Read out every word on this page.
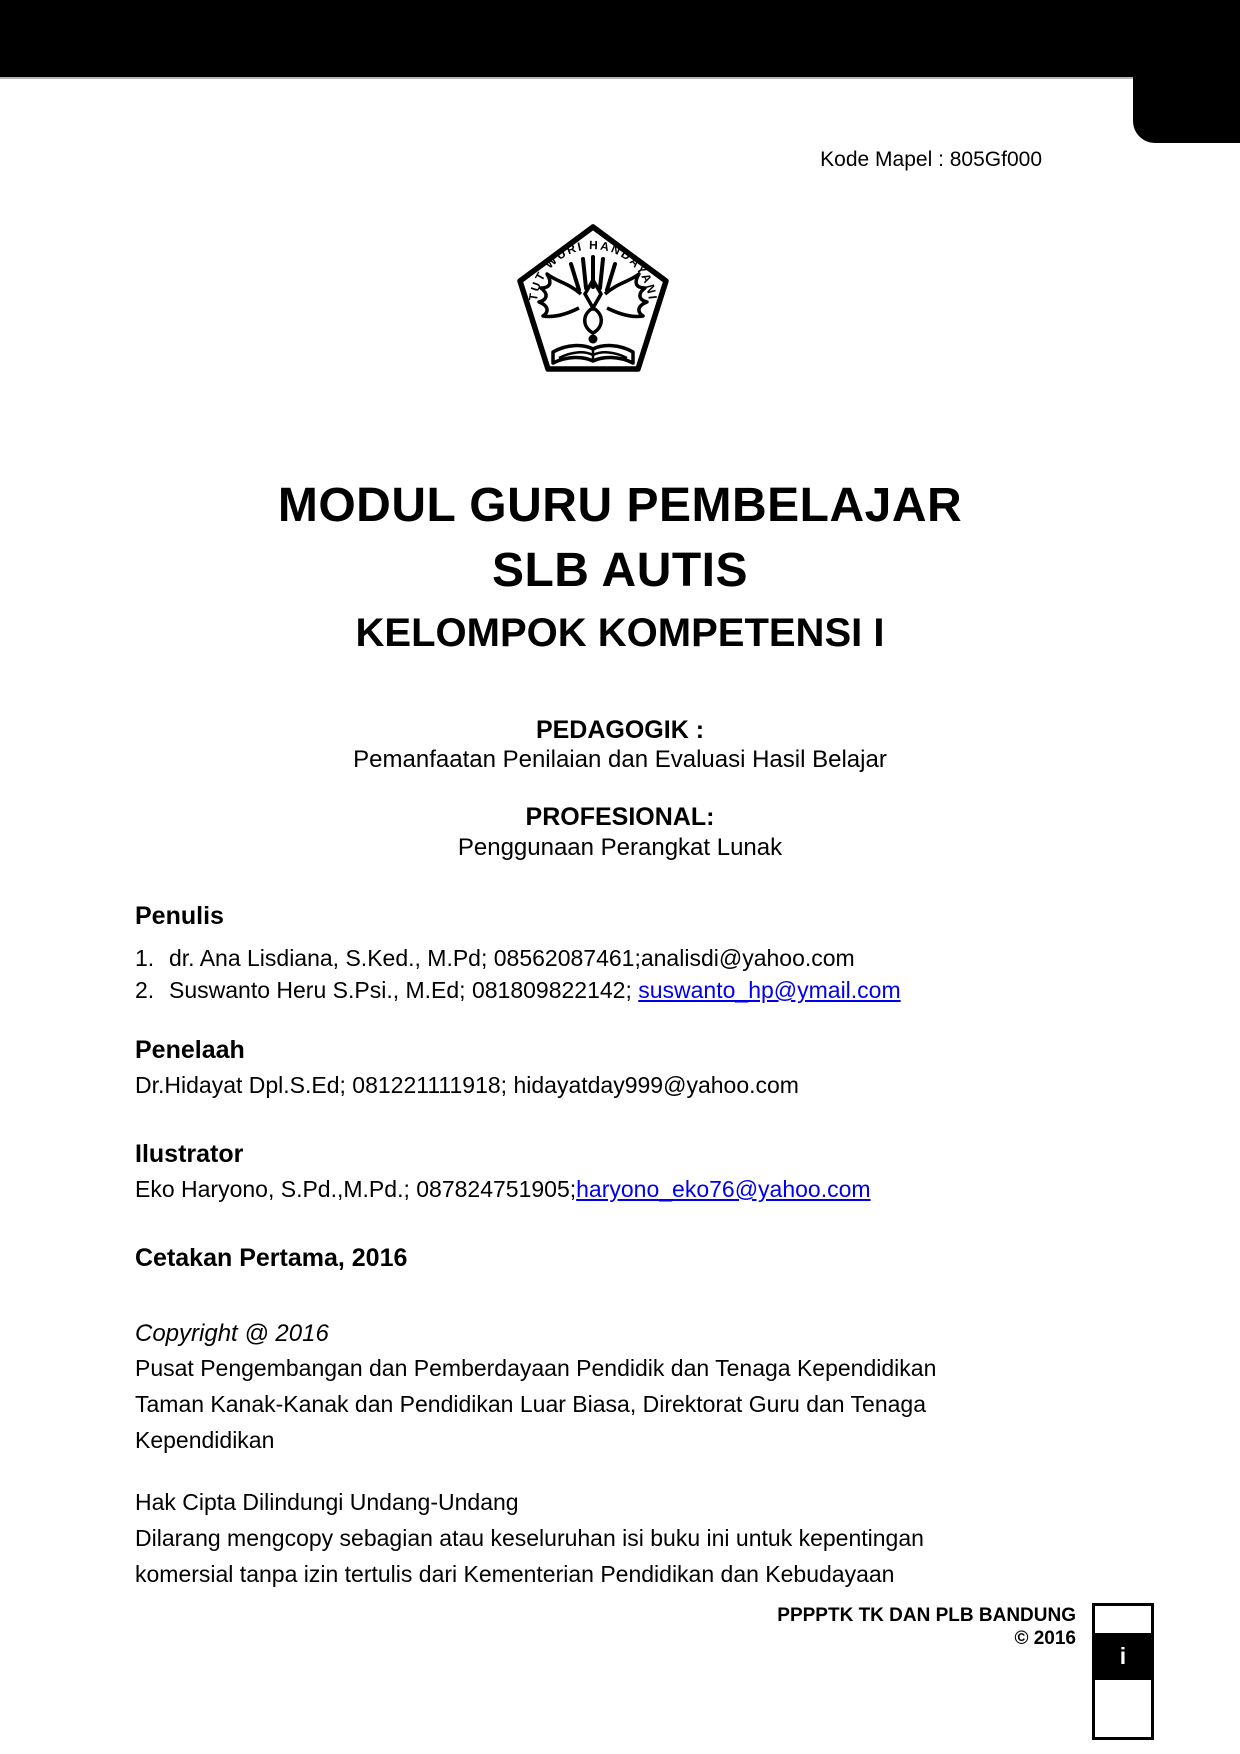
Kode Mapel : 805Gf000
TUT WURI HANDAYANI
MODUL GURU PEMBELAJAR
SLB AUTIS
KELOMPOK KOMPETENSI I
PEDAGOGIK :
Pemanfaatan Penilaian dan Evaluasi Hasil Belajar
PROFESIONAL:
Penggunaan Perangkat Lunak
Penulis
1. dr. Ana Lisdiana, S.Ked., M.Pd; 08562087461;analisdi@yahoo.com
2. Suswanto Heru S.Psi., M.Ed; 081809822142; suswanto_hp@ymail.com
Penelaah
Dr.Hidayat Dpl.S.Ed; 081221111918; hidayatday999@yahoo.com
Ilustrator
Eko Haryono, S.Pd.,M.Pd.; 087824751905;haryono_eko76@yahoo.com
Cetakan Pertama, 2016
Copyright @ 2016
Pusat Pengembangan dan Pemberdayaan Pendidik dan Tenaga Kependidikan
Taman Kanak-Kanak dan Pendidikan Luar Biasa, Direktorat Guru dan Tenaga
Kependidikan
Hak Cipta Dilindungi Undang-Undang
Dilarang mengcopy sebagian atau keseluruhan isi buku ini untuk kepentingan
komersial tanpa izin tertulis dari Kementerian Pendidikan dan Kebudayaan
PPPPTK TK DAN PLB BANDUNG
© 2016
i
